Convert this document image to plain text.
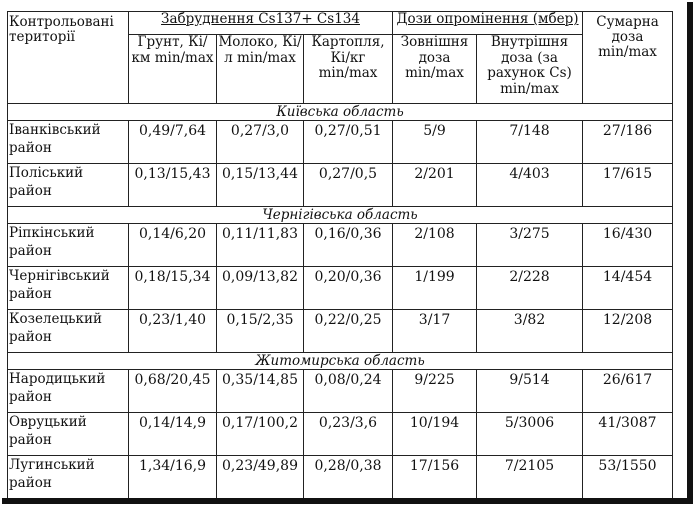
Контрольовані території	Забруднення Cs137+ Cs134			Дози опромінення (мбер)		Сумарна доза min/max
	Грунт, Кі/км min/max	Молоко, Кі/л min/max	Картопля, Кі/кг min/max	Зовнішня доза min/max	Внутрішня доза (за рахунок Cs) min/max	
Київська область						
Іванківський район	0,49/7,64	0,27/3,0	0,27/0,51	5/9	7/148	27/186
Поліський район	0,13/15,43	0,15/13,44	0,27/0,5	2/201	4/403	17/615
Чернігівська область						
Ріпкінський район	0,14/6,20	0,11/11,83	0,16/0,36	2/108	3/275	16/430
Чернігівський район	0,18/15,34	0,09/13,82	0,20/0,36	1/199	2/228	14/454
Козелецький район	0,23/1,40	0,15/2,35	0,22/0,25	3/17	3/82	12/208
Житомирська область						
Народицький район	0,68/20,45	0,35/14,85	0,08/0,24	9/225	9/514	26/617
Овруцький район	0,14/14,9	0,17/100,2	0,23/3,6	10/194	5/3006	41/3087
Лугинський район	1,34/16,9	0,23/49,89	0,28/0,38	17/156	7/2105	53/1550
